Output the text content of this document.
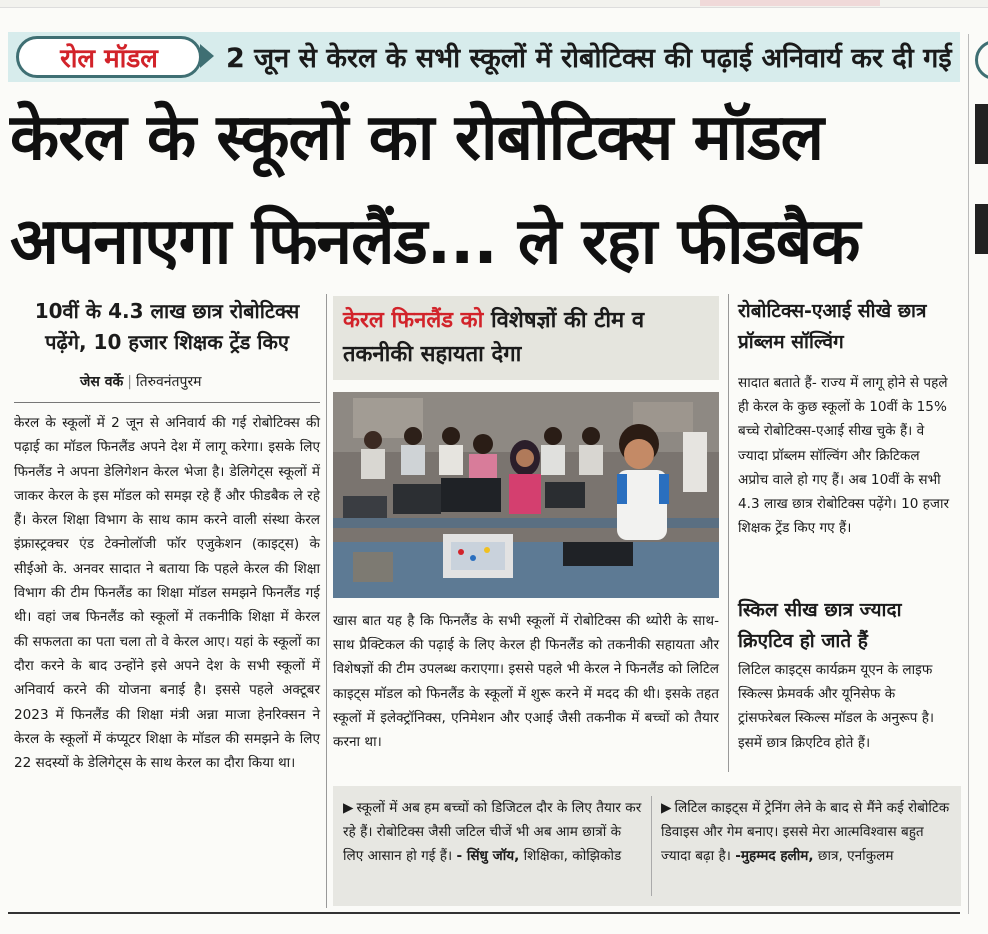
रोल मॉडल	2 जून से केरल के सभी स्कूलों में रोबोटिक्स की पढ़ाई अनिवार्य कर दी गई
केरल के स्कूलों का रोबोटिक्स मॉडल
अपनाएगा फिनलैंड... ले रहा फीडबैक
10वीं के 4.3 लाख छात्र रोबोटिक्स पढ़ेंगे, 10 हजार शिक्षक ट्रेंड किए
जेस वर्के | तिरुवनंतपुरम

केरल के स्कूलों में 2 जून से अनिवार्य की गई रोबोटिक्स की पढ़ाई का मॉडल फिनलैंड अपने देश में लागू करेगा। इसके लिए फिनलैंड ने अपना डेलिगेशन केरल भेजा है। डेलिगेट्स स्कूलों में जाकर केरल के इस मॉडल को समझ रहे हैं और फीडबैक ले रहे हैं। केरल शिक्षा विभाग के साथ काम करने वाली संस्था केरल इंफ्रास्ट्रक्चर एंड टेक्नोलॉजी फॉर एजुकेशन (काइट्स) के सीईओ के. अनवर सादात ने बताया कि पहले केरल की शिक्षा विभाग की टीम फिनलैंड का शिक्षा मॉडल समझने फिनलैंड गई थी। वहां जब फिनलैंड को स्कूलों में तकनीकि शिक्षा में केरल की सफलता का पता चला तो वे केरल आए। यहां के स्कूलों का दौरा करने के बाद उन्होंने इसे अपने देश के सभी स्कूलों में अनिवार्य करने की योजना बनाई है। इससे पहले अक्टूबर 2023 में फिनलैंड की शिक्षा मंत्री अन्ना माजा हेनरिक्सन ने केरल के स्कूलों में कंप्यूटर शिक्षा के मॉडल की समझने के लिए 22 सदस्यों के डेलिगेट्स के साथ केरल का दौरा किया था।

केरल फिनलैंड को विशेषज्ञों की टीम व तकनीकी सहायता देगा

खास बात यह है कि फिनलैंड के सभी स्कूलों में रोबोटिक्स की थ्योरी के साथ-साथ प्रैक्टिकल की पढ़ाई के लिए केरल ही फिनलैंड को तकनीकी सहायता और विशेषज्ञों की टीम उपलब्ध कराएगा। इससे पहले भी केरल ने फिनलैंड को लिटिल काइट्स मॉडल को फिनलैंड के स्कूलों में शुरू करने में मदद की थी। इसके तहत स्कूलों में इलेक्ट्रॉनिक्स, एनिमेशन और एआई जैसी तकनीक में बच्चों को तैयार करना था।

रोबोटिक्स-एआई सीखे छात्र प्रॉब्लम सॉल्विंग
सादात बताते हैं- राज्य में लागू होने से पहले ही केरल के कुछ स्कूलों के 10वीं के 15% बच्चे रोबोटिक्स-एआई सीख चुके हैं। वे ज्यादा प्रॉब्लम सॉल्विंग और क्रिटिकल अप्रोच वाले हो गए हैं। अब 10वीं के सभी 4.3 लाख छात्र रोबोटिक्स पढ़ेंगे। 10 हजार शिक्षक ट्रेंड किए गए हैं।
स्किल सीख छात्र ज्यादा क्रिएटिव हो जाते हैं
लिटिल काइट्स कार्यक्रम यूएन के लाइफ स्किल्स फ्रेमवर्क और यूनिसेफ के ट्रांसफरेबल स्किल्स मॉडल के अनुरूप है। इसमें छात्र क्रिएटिव होते हैं।
▶ स्कूलों में अब हम बच्चों को डिजिटल दौर के लिए तैयार कर रहे हैं। रोबोटिक्स जैसी जटिल चीजें भी अब आम छात्रों के लिए आसान हो गई हैं। - सिंधु जॉय, शिक्षिका, कोझिकोड
▶ लिटिल काइट्स में ट्रेनिंग लेने के बाद से मैंने कई रोबोटिक डिवाइस और गेम बनाए। इससे मेरा आत्मविश्वास बहुत ज्यादा बढ़ा है। -मुहम्मद हलीम, छात्र, एर्नाकुलम
